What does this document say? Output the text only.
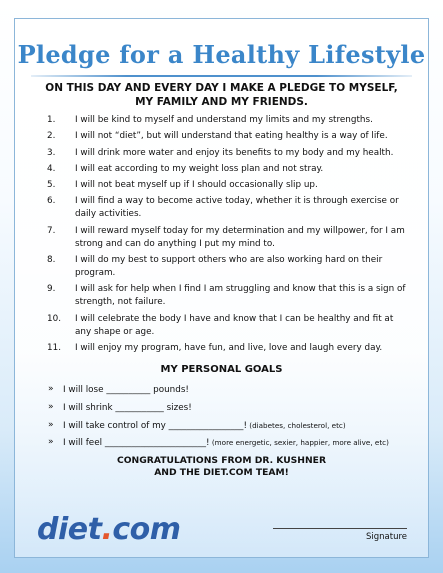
Pledge for a Healthy Lifestyle
ON THIS DAY AND EVERY DAY I MAKE A PLEDGE TO MYSELF,
MY FAMILY AND MY FRIENDS.
1.	I will be kind to myself and understand my limits and my strengths.
2.	I will not “diet”, but will understand that eating healthy is a way of life.
3.	I will drink more water and enjoy its benefits to my body and my health.
4.	I will eat according to my weight loss plan and not stray.
5.	I will not beat myself up if I should occasionally slip up.
6.	I will find a way to become active today, whether it is through exercise or daily activities.
7.	I will reward myself today for my determination and my willpower, for I am strong and can do anything I put my mind to.
8.	I will do my best to support others who are also working hard on their program.
9.	I will ask for help when I find I am struggling and know that this is a sign of strength, not failure.
10.	I will celebrate the body I have and know that I can be healthy and fit at any shape or age.
11.	I will enjoy my program, have fun, and live, love and laugh every day.
MY PERSONAL GOALS
» I will lose __________ pounds!
» I will shrink ___________ sizes!
» I will take control of my _________________! (diabetes, cholesterol, etc)
» I will feel _______________________! (more energetic, sexier, happier, more alive, etc)
CONGRATULATIONS FROM DR. KUSHNER
AND THE DIET.COM TEAM!
diet.com	Signature
